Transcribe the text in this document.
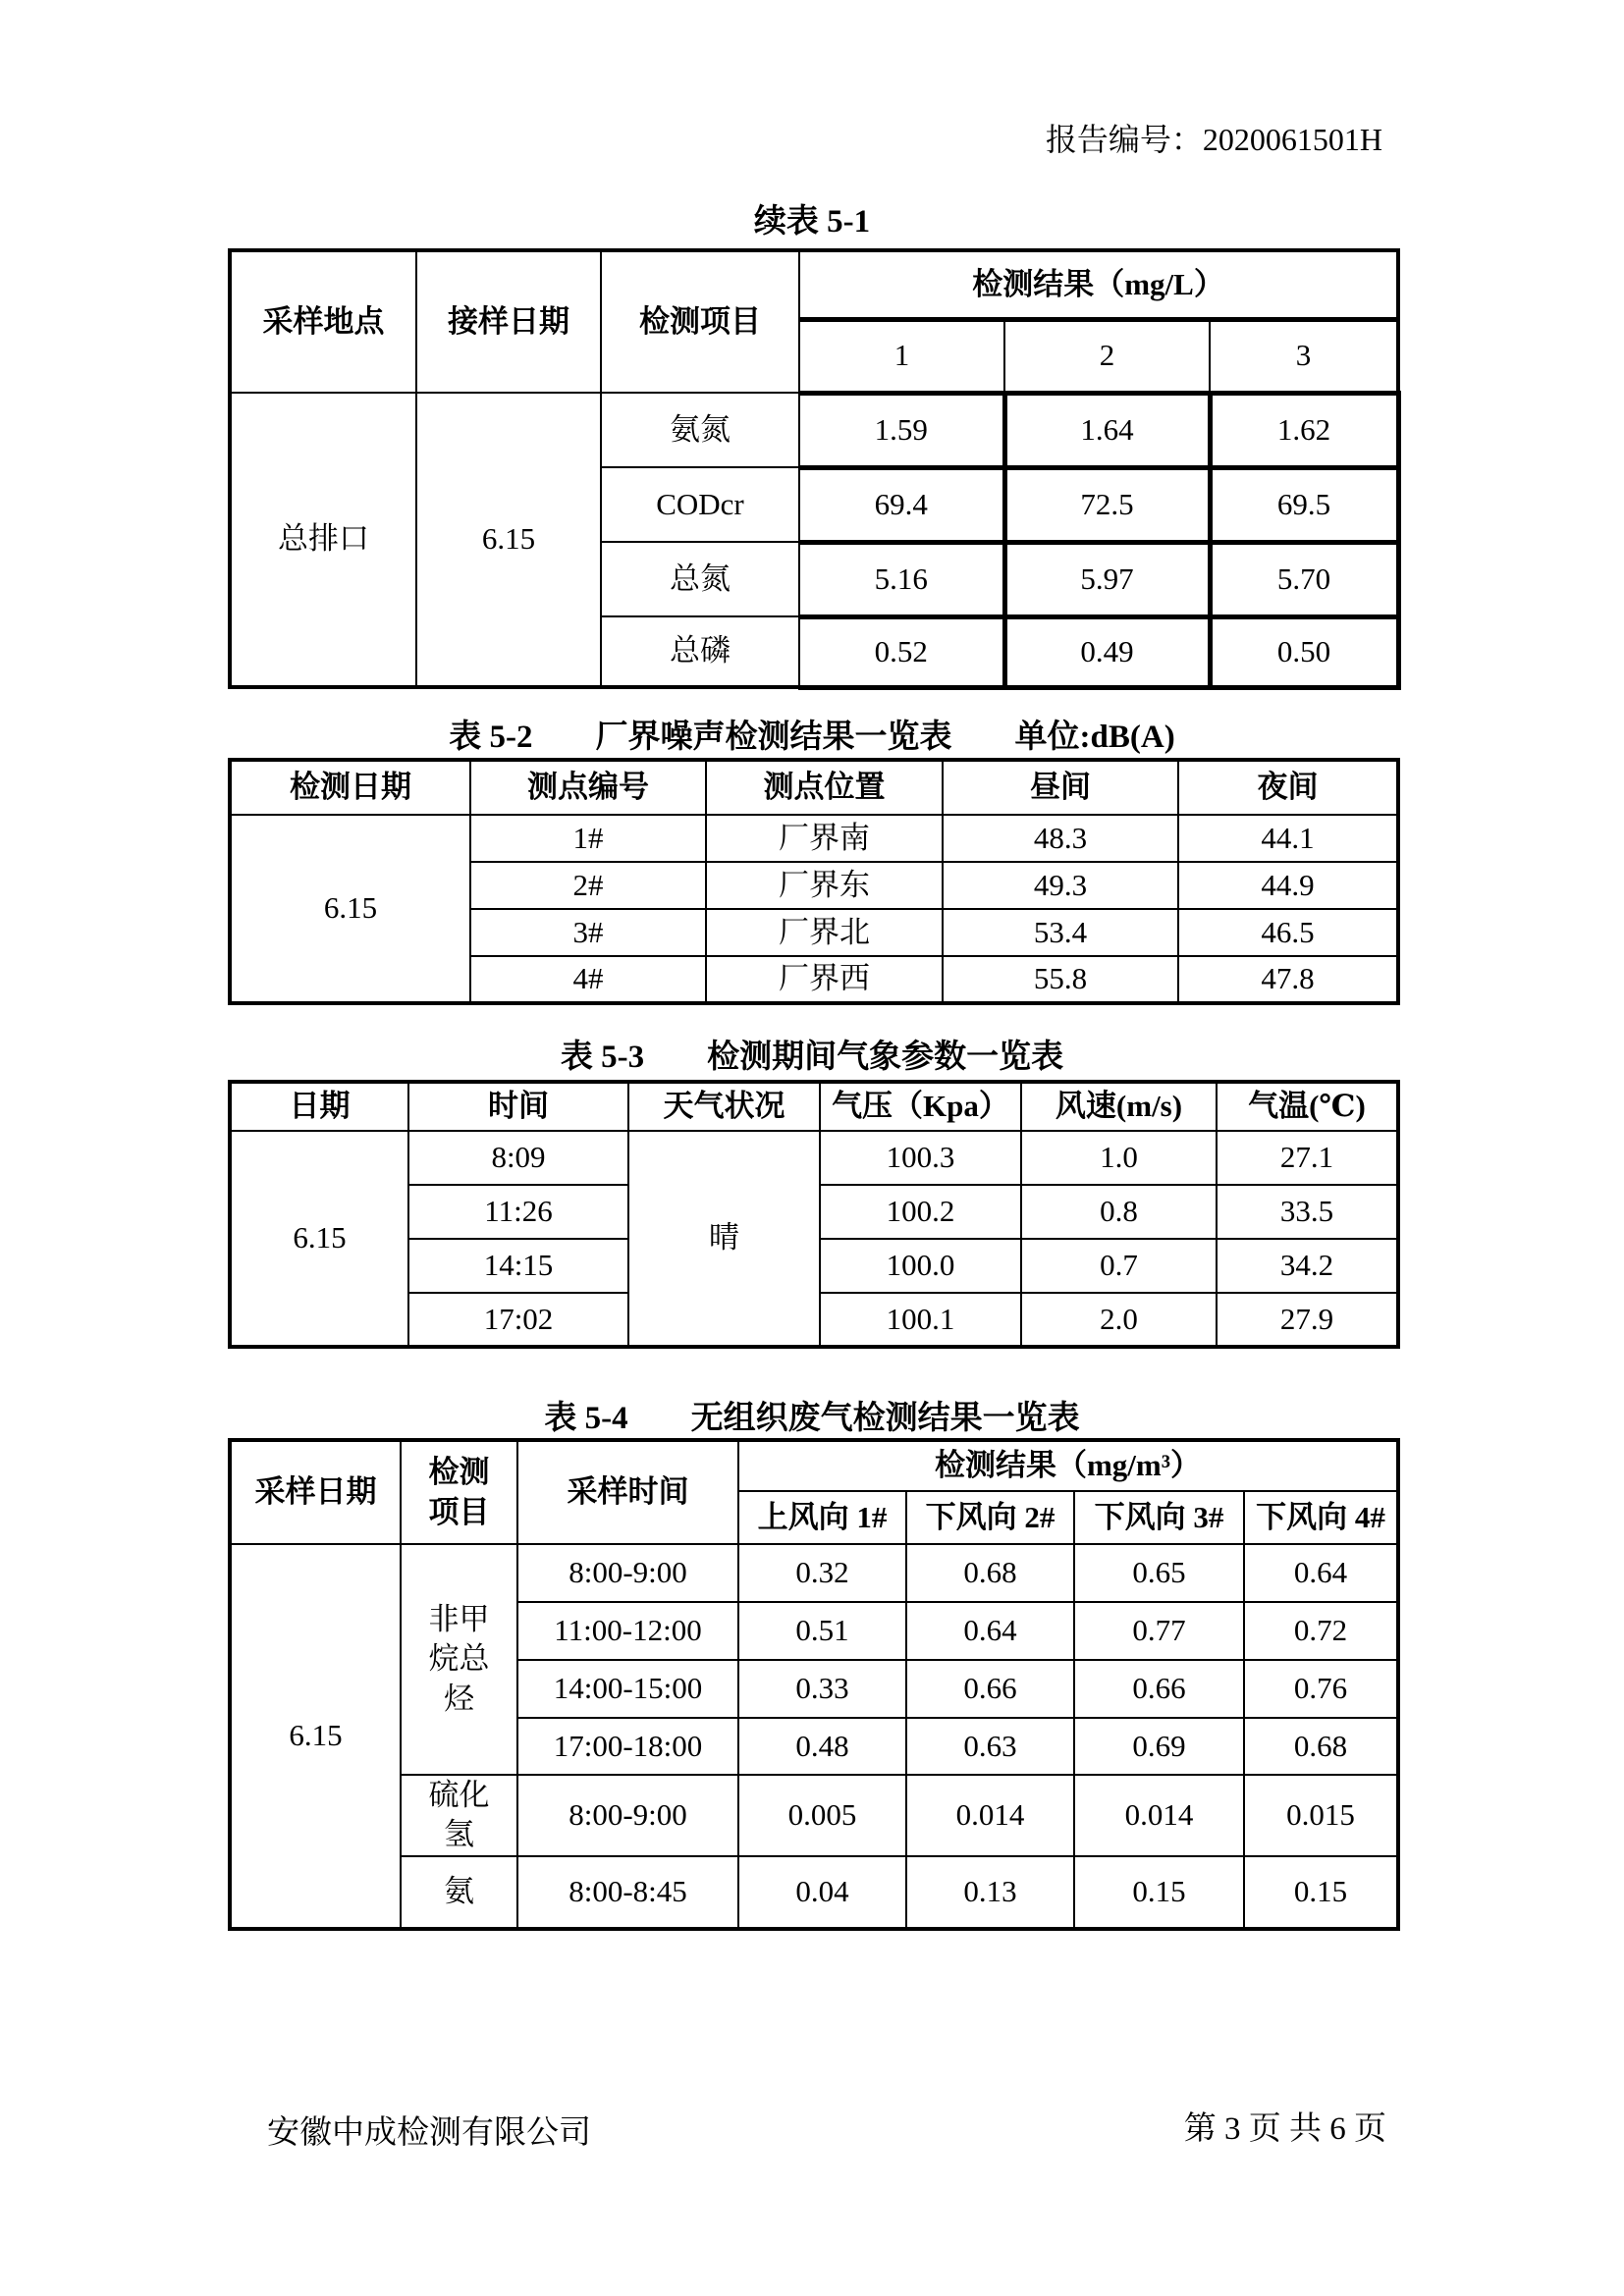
报告编号：2020061501H
续表 5-1
采样地点	接样日期	检测项目	检测结果（mg/L）		
			1	2	3
总排口	6.15	氨氮	1.59	1.64	1.62
		CODcr	69.4	72.5	69.5
		总氮	5.16	5.97	5.70
		总磷	0.52	0.49	0.50
表 5-2 厂界噪声检测结果一览表 单位:dB(A)
检测日期	测点编号	测点位置	昼间	夜间
6.15	1#	厂界南	48.3	44.1
	2#	厂界东	49.3	44.9
	3#	厂界北	53.4	46.5
	4#	厂界西	55.8	47.8
表 5-3 检测期间气象参数一览表
日期	时间	天气状况	气压（Kpa）	风速(m/s)	气温(℃)
6.15	8:09	晴	100.3	1.0	27.1
	11:26		100.2	0.8	33.5
	14:15		100.0	0.7	34.2
	17:02		100.1	2.0	27.9
表 5-4 无组织废气检测结果一览表
采样日期	检测项目	采样时间	检测结果（mg/m³）			
			上风向 1#	下风向 2#	下风向 3#	下风向 4#
6.15	非甲烷总烃	8:00-9:00	0.32	0.68	0.65	0.64
		11:00-12:00	0.51	0.64	0.77	0.72
		14:00-15:00	0.33	0.66	0.66	0.76
		17:00-18:00	0.48	0.63	0.69	0.68
	硫化氢	8:00-9:00	0.005	0.014	0.014	0.015
	氨	8:00-8:45	0.04	0.13	0.15	0.15
安徽中成检测有限公司	第 3 页 共 6 页
